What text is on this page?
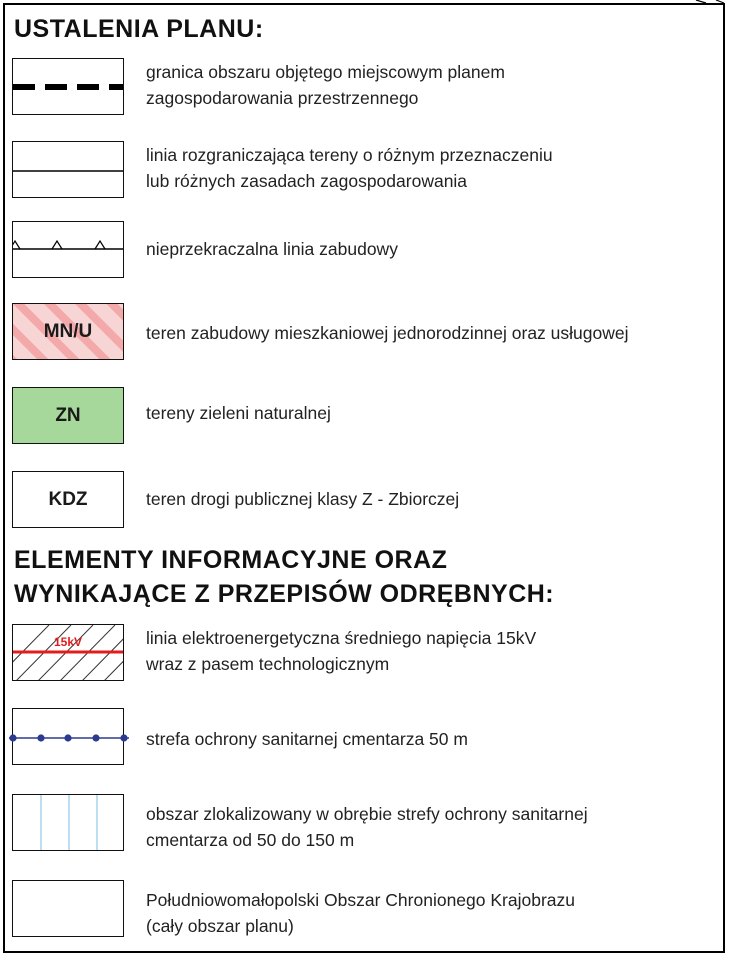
USTALENIA PLANU:
granica obszaru objętego miejscowym planem
zagospodarowania przestrzennego
linia rozgraniczająca tereny o różnym przeznaczeniu
lub różnych zasadach zagospodarowania
nieprzekraczalna linia zabudowy
MN/U	teren zabudowy mieszkaniowej jednorodzinnej oraz usługowej
ZN	tereny zieleni naturalnej
KDZ	teren drogi publicznej klasy Z - Zbiorczej
ELEMENTY INFORMACYJNE ORAZ
WYNIKAJĄCE Z PRZEPISÓW ODRĘBNYCH:
15kV	linia elektroenergetyczna średniego napięcia 15kV
wraz z pasem technologicznym
strefa ochrony sanitarnej cmentarza 50 m
obszar zlokalizowany w obrębie strefy ochrony sanitarnej
cmentarza od 50 do 150 m
Południowomałopolski Obszar Chronionego Krajobrazu
(cały obszar planu)
